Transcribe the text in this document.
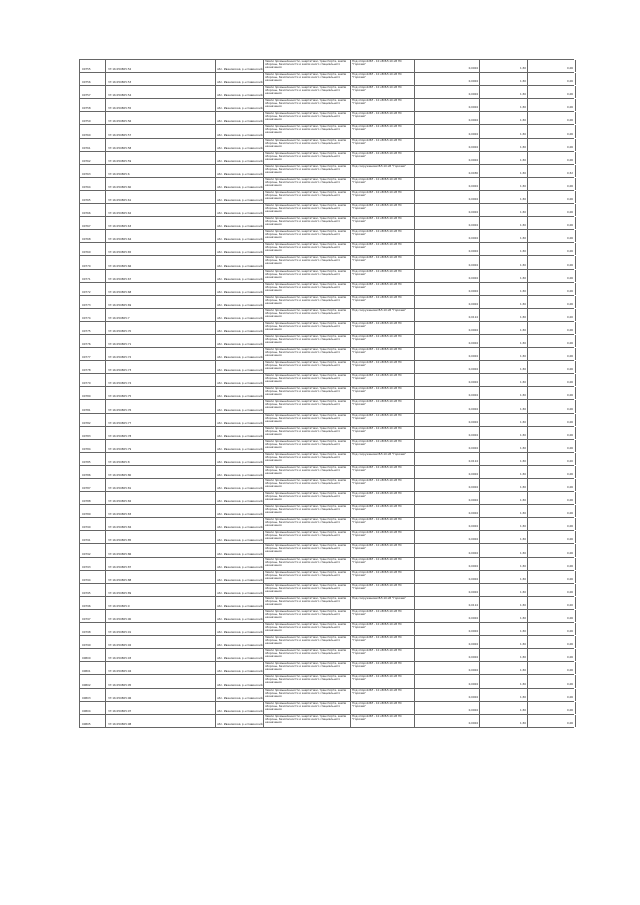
00755	37:16:050805:52	обл. Ивановская, р-н Савинский
Земли промышленности, энергетики, транспорта, земли обороны, безопасности и земли иного специального назначения
Под опорой ВЛ - 10 кВ ВЛ-10 кВ ПС "Горячев"
0,0004	1,50	0,06
00756	37:16:050805:53	обл. Ивановская, р-н Савинский
Земли промышленности, энергетики, транспорта, земли обороны, безопасности и земли иного специального назначения
Под опорой ВЛ - 10 кВ ВЛ-10 кВ ПС "Горячев"
0,0004	1,50	0,06
00757	37:16:050805:54	обл. Ивановская, р-н Савинский
Земли промышленности, энергетики, транспорта, земли обороны, безопасности и земли иного специального назначения
Под опорой ВЛ - 10 кВ ВЛ-10 кВ ПС "Горячев"
0,0004	1,50	0,06
00758	37:16:050805:55	обл. Ивановская, р-н Савинский
Земли промышленности, энергетики, транспорта, земли обороны, безопасности и земли иного специального назначения
Под опорой ВЛ - 10 кВ ВЛ-10 кВ ПС "Горячев"
0,0004	1,50	0,06
00759	37:16:050805:56	обл. Ивановская, р-н Савинский
Земли промышленности, энергетики, транспорта, земли обороны, безопасности и земли иного специального назначения
Под опорой ВЛ - 10 кВ ВЛ-10 кВ ПС "Горячев"
0,0004	1,50	0,06
00760	37:16:050805:57	обл. Ивановская, р-н Савинский
Земли промышленности, энергетики, транспорта, земли обороны, безопасности и земли иного специального назначения
Под опорой ВЛ - 10 кВ ВЛ-10 кВ ПС "Горячев"
0,0004	1,50	0,06
00761	37:16:050805:58	обл. Ивановская, р-н Савинский
Земли промышленности, энергетики, транспорта, земли обороны, безопасности и земли иного специального назначения
Под опорой ВЛ - 10 кВ ВЛ-10 кВ ПС "Горячев"
0,0004	1,50	0,06
00762	37:16:050805:59	обл. Ивановская, р-н Савинский
Земли промышленности, энергетики, транспорта, земли обороны, безопасности и земли иного специального назначения
Под опорой ВЛ - 10 кВ ВЛ-10 кВ ПС "Горячев"
0,0004	1,50	0,06
00763	37:16:050805:6	обл. Ивановская, р-н Савинский
Земли промышленности, энергетики, транспорта, земли обороны, безопасности и земли иного специального назначения
Под сооружением ВЛ-10 кВ "Горячев"
0,0036	1,50	0,52
00764	37:16:050805:60	обл. Ивановская, р-н Савинский
Земли промышленности, энергетики, транспорта, земли обороны, безопасности и земли иного специального назначения
Под опорой ВЛ - 10 кВ ВЛ-10 кВ ПС "Горячев"
0,0004	1,50	0,06
00765	37:16:050805:61	обл. Ивановская, р-н Савинский
Земли промышленности, энергетики, транспорта, земли обороны, безопасности и земли иного специального назначения
Под опорой ВЛ - 10 кВ ВЛ-10 кВ ПС "Горячев"
0,0004	1,50	0,06
00766	37:16:050805:62	обл. Ивановская, р-н Савинский
Земли промышленности, энергетики, транспорта, земли обороны, безопасности и земли иного специального назначения
Под опорой ВЛ - 10 кВ ВЛ-10 кВ ПС "Горячев"
0,0004	1,50	0,06
00767	37:16:050805:63	обл. Ивановская, р-н Савинский
Земли промышленности, энергетики, транспорта, земли обороны, безопасности и земли иного специального назначения
Под опорой ВЛ - 10 кВ ВЛ-10 кВ ПС "Горячев"
0,0004	1,50	0,06
00768	37:16:050805:64	обл. Ивановская, р-н Савинский
Земли промышленности, энергетики, транспорта, земли обороны, безопасности и земли иного специального назначения
Под опорой ВЛ - 10 кВ ВЛ-10 кВ ПС "Горячев"
0,0004	1,50	0,06
00769	37:16:050805:65	обл. Ивановская, р-н Савинский
Земли промышленности, энергетики, транспорта, земли обороны, безопасности и земли иного специального назначения
Под опорой ВЛ - 10 кВ ВЛ-10 кВ ПС "Горячев"
0,0004	1,50	0,06
00770	37:16:050805:66	обл. Ивановская, р-н Савинский
Земли промышленности, энергетики, транспорта, земли обороны, безопасности и земли иного специального назначения
Под опорой ВЛ - 10 кВ ВЛ-10 кВ ПС "Горячев"
0,0004	1,50	0,06
00771	37:16:050805:67	обл. Ивановская, р-н Савинский
Земли промышленности, энергетики, транспорта, земли обороны, безопасности и земли иного специального назначения
Под опорой ВЛ - 10 кВ ВЛ-10 кВ ПС "Горячев"
0,0004	1,50	0,06
00772	37:16:050805:68	обл. Ивановская, р-н Савинский
Земли промышленности, энергетики, транспорта, земли обороны, безопасности и земли иного специального назначения
Под опорой ВЛ - 10 кВ ВЛ-10 кВ ПС "Горячев"
0,0004	1,50	0,06
00773	37:16:050805:69	обл. Ивановская, р-н Савинский
Земли промышленности, энергетики, транспорта, земли обороны, безопасности и земли иного специального назначения
Под опорой ВЛ - 10 кВ ВЛ-10 кВ ПС "Горячев"
0,0004	1,50	0,06
00774	37:16:050805:7	обл. Ивановская, р-н Савинский
Земли промышленности, энергетики, транспорта, земли обороны, безопасности и земли иного специального назначения
Под сооружением ВЛ-10 кВ "Горячев"
0,0114	1,50	0,00
00775	37:16:050805:70	обл. Ивановская, р-н Савинский
Земли промышленности, энергетики, транспорта, земли обороны, безопасности и земли иного специального назначения
Под опорой ВЛ - 10 кВ ВЛ-10 кВ ПС "Горячев"
0,0004	1,50	0,06
00776	37:16:050805:71	обл. Ивановская, р-н Савинский
Земли промышленности, энергетики, транспорта, земли обороны, безопасности и земли иного специального назначения
Под опорой ВЛ - 10 кВ ВЛ-10 кВ ПС "Горячев"
0,0004	1,50	0,06
00777	37:16:050805:72	обл. Ивановская, р-н Савинский
Земли промышленности, энергетики, транспорта, земли обороны, безопасности и земли иного специального назначения
Под опорой ВЛ - 10 кВ ВЛ-10 кВ ПС "Горячев"
0,0004	1,50	0,06
00778	37:16:050805:73	обл. Ивановская, р-н Савинский
Земли промышленности, энергетики, транспорта, земли обороны, безопасности и земли иного специального назначения
Под опорой ВЛ - 10 кВ ВЛ-10 кВ ПС "Горячев"
0,0004	1,50	0,06
00779	37:16:050805:74	обл. Ивановская, р-н Савинский
Земли промышленности, энергетики, транспорта, земли обороны, безопасности и земли иного специального назначения
Под опорой ВЛ - 10 кВ ВЛ-10 кВ ПС "Горячев"
0,0004	1,50	0,06
00780	37:16:050805:75	обл. Ивановская, р-н Савинский
Земли промышленности, энергетики, транспорта, земли обороны, безопасности и земли иного специального назначения
Под опорой ВЛ - 10 кВ ВЛ-10 кВ ПС "Горячев"
0,0004	1,50	0,06
00781	37:16:050805:76	обл. Ивановская, р-н Савинский
Земли промышленности, энергетики, транспорта, земли обороны, безопасности и земли иного специального назначения
Под опорой ВЛ - 10 кВ ВЛ-10 кВ ПС "Горячев"
0,0004	1,50	0,06
00782	37:16:050805:77	обл. Ивановская, р-н Савинский
Земли промышленности, энергетики, транспорта, земли обороны, безопасности и земли иного специального назначения
Под опорой ВЛ - 10 кВ ВЛ-10 кВ ПС "Горячев"
0,0004	1,50	0,06
00783	37:16:050805:78	обл. Ивановская, р-н Савинский
Земли промышленности, энергетики, транспорта, земли обороны, безопасности и земли иного специального назначения
Под опорой ВЛ - 10 кВ ВЛ-10 кВ ПС "Горячев"
0,0004	1,50	0,06
00784	37:16:050805:79	обл. Ивановская, р-н Савинский
Земли промышленности, энергетики, транспорта, земли обороны, безопасности и земли иного специального назначения
Под опорой ВЛ - 10 кВ ВЛ-10 кВ ПС "Горячев"
0,0004	1,50	0,06
00785	37:16:050805:8	обл. Ивановская, р-н Савинский
Земли промышленности, энергетики, транспорта, земли обороны, безопасности и земли иного специального назначения
Под сооружением ВЛ-10 кВ "Горячев"
0,0114	1,50	0,00
00786	37:16:050805:80	обл. Ивановская, р-н Савинский
Земли промышленности, энергетики, транспорта, земли обороны, безопасности и земли иного специального назначения
Под опорой ВЛ - 10 кВ ВЛ-10 кВ ПС "Горячев"
0,0004	1,50	0,06
00787	37:16:050805:81	обл. Ивановская, р-н Савинский
Земли промышленности, энергетики, транспорта, земли обороны, безопасности и земли иного специального назначения
Под опорой ВЛ - 10 кВ ВЛ-10 кВ ПС "Горячев"
0,0004	1,50	0,06
00788	37:16:050805:82	обл. Ивановская, р-н Савинский
Земли промышленности, энергетики, транспорта, земли обороны, безопасности и земли иного специального назначения
Под опорой ВЛ - 10 кВ ВЛ-10 кВ ПС "Горячев"
0,0004	1,50	0,06
00789	37:16:050805:83	обл. Ивановская, р-н Савинский
Земли промышленности, энергетики, транспорта, земли обороны, безопасности и земли иного специального назначения
Под опорой ВЛ - 10 кВ ВЛ-10 кВ ПС "Горячев"
0,0004	1,50	0,06
00790	37:16:050805:84	обл. Ивановская, р-н Савинский
Земли промышленности, энергетики, транспорта, земли обороны, безопасности и земли иного специального назначения
Под опорой ВЛ - 10 кВ ВЛ-10 кВ ПС "Горячев"
0,0004	1,50	0,06
00791	37:16:050805:85	обл. Ивановская, р-н Савинский
Земли промышленности, энергетики, транспорта, земли обороны, безопасности и земли иного специального назначения
Под опорой ВЛ - 10 кВ ВЛ-10 кВ ПС "Горячев"
0,0004	1,50	0,06
00792	37:16:050805:86	обл. Ивановская, р-н Савинский
Земли промышленности, энергетики, транспорта, земли обороны, безопасности и земли иного специального назначения
Под опорой ВЛ - 10 кВ ВЛ-10 кВ ПС "Горячев"
0,0004	1,50	0,06
00793	37:16:050805:87	обл. Ивановская, р-н Савинский
Земли промышленности, энергетики, транспорта, земли обороны, безопасности и земли иного специального назначения
Под опорой ВЛ - 10 кВ ВЛ-10 кВ ПС "Горячев"
0,0004	1,50	0,06
00794	37:16:050805:88	обл. Ивановская, р-н Савинский
Земли промышленности, энергетики, транспорта, земли обороны, безопасности и земли иного специального назначения
Под опорой ВЛ - 10 кВ ВЛ-10 кВ ПС "Горячев"
0,0004	1,50	0,06
00795	37:16:050805:89	обл. Ивановская, р-н Савинский
Земли промышленности, энергетики, транспорта, земли обороны, безопасности и земли иного специального назначения
Под опорой ВЛ - 10 кВ ВЛ-10 кВ ПС "Горячев"
0,0004	1,50	0,06
00796	37:16:050805:9	обл. Ивановская, р-н Савинский
Земли промышленности, энергетики, транспорта, земли обороны, безопасности и земли иного специального назначения
Под сооружением ВЛ-10 кВ "Горячев"
0,0114	1,50	0,00
00797	37:16:050805:90	обл. Ивановская, р-н Савинский
Земли промышленности, энергетики, транспорта, земли обороны, безопасности и земли иного специального назначения
Под опорой ВЛ - 10 кВ ВЛ-10 кВ ПС "Горячев"
0,0004	1,50	0,06
00798	37:16:050805:91	обл. Ивановская, р-н Савинский
Земли промышленности, энергетики, транспорта, земли обороны, безопасности и земли иного специального назначения
Под опорой ВЛ - 10 кВ ВЛ-10 кВ ПС "Горячев"
0,0004	1,50	0,06
00799	37:16:050805:92	обл. Ивановская, р-н Савинский
Земли промышленности, энергетики, транспорта, земли обороны, безопасности и земли иного специального назначения
Под опорой ВЛ - 10 кВ ВЛ-10 кВ ПС "Горячев"
0,0004	1,50	0,06
00800	37:16:050805:93	обл. Ивановская, р-н Савинский
Земли промышленности, энергетики, транспорта, земли обороны, безопасности и земли иного специального назначения
Под опорой ВЛ - 10 кВ ВЛ-10 кВ ПС "Горячев"
0,0004	1,50	0,06
00801	37:16:050805:94	обл. Ивановская, р-н Савинский
Земли промышленности, энергетики, транспорта, земли обороны, безопасности и земли иного специального назначения
Под опорой ВЛ - 10 кВ ВЛ-10 кВ ПС "Горячев"
0,0004	1,50	0,06
00802	37:16:050805:95	обл. Ивановская, р-н Савинский
Земли промышленности, энергетики, транспорта, земли обороны, безопасности и земли иного специального назначения
Под опорой ВЛ - 10 кВ ВЛ-10 кВ ПС "Горячев"
0,0004	1,50	0,06
00803	37:16:050805:96	обл. Ивановская, р-н Савинский
Земли промышленности, энергетики, транспорта, земли обороны, безопасности и земли иного специального назначения
Под опорой ВЛ - 10 кВ ВЛ-10 кВ ПС "Горячев"
0,0004	1,50	0,06
00804	37:16:050805:97	обл. Ивановская, р-н Савинский
Земли промышленности, энергетики, транспорта, земли обороны, безопасности и земли иного специального назначения
Под опорой ВЛ - 10 кВ ВЛ-10 кВ ПС "Горячев"
0,0004	1,50	0,06
00805	37:16:050805:98	обл. Ивановская, р-н Савинский
Земли промышленности, энергетики, транспорта, земли обороны, безопасности и земли иного специального назначения
Под опорой ВЛ - 10 кВ ВЛ-10 кВ ПС "Горячев"
0,0004	1,50	0,06
